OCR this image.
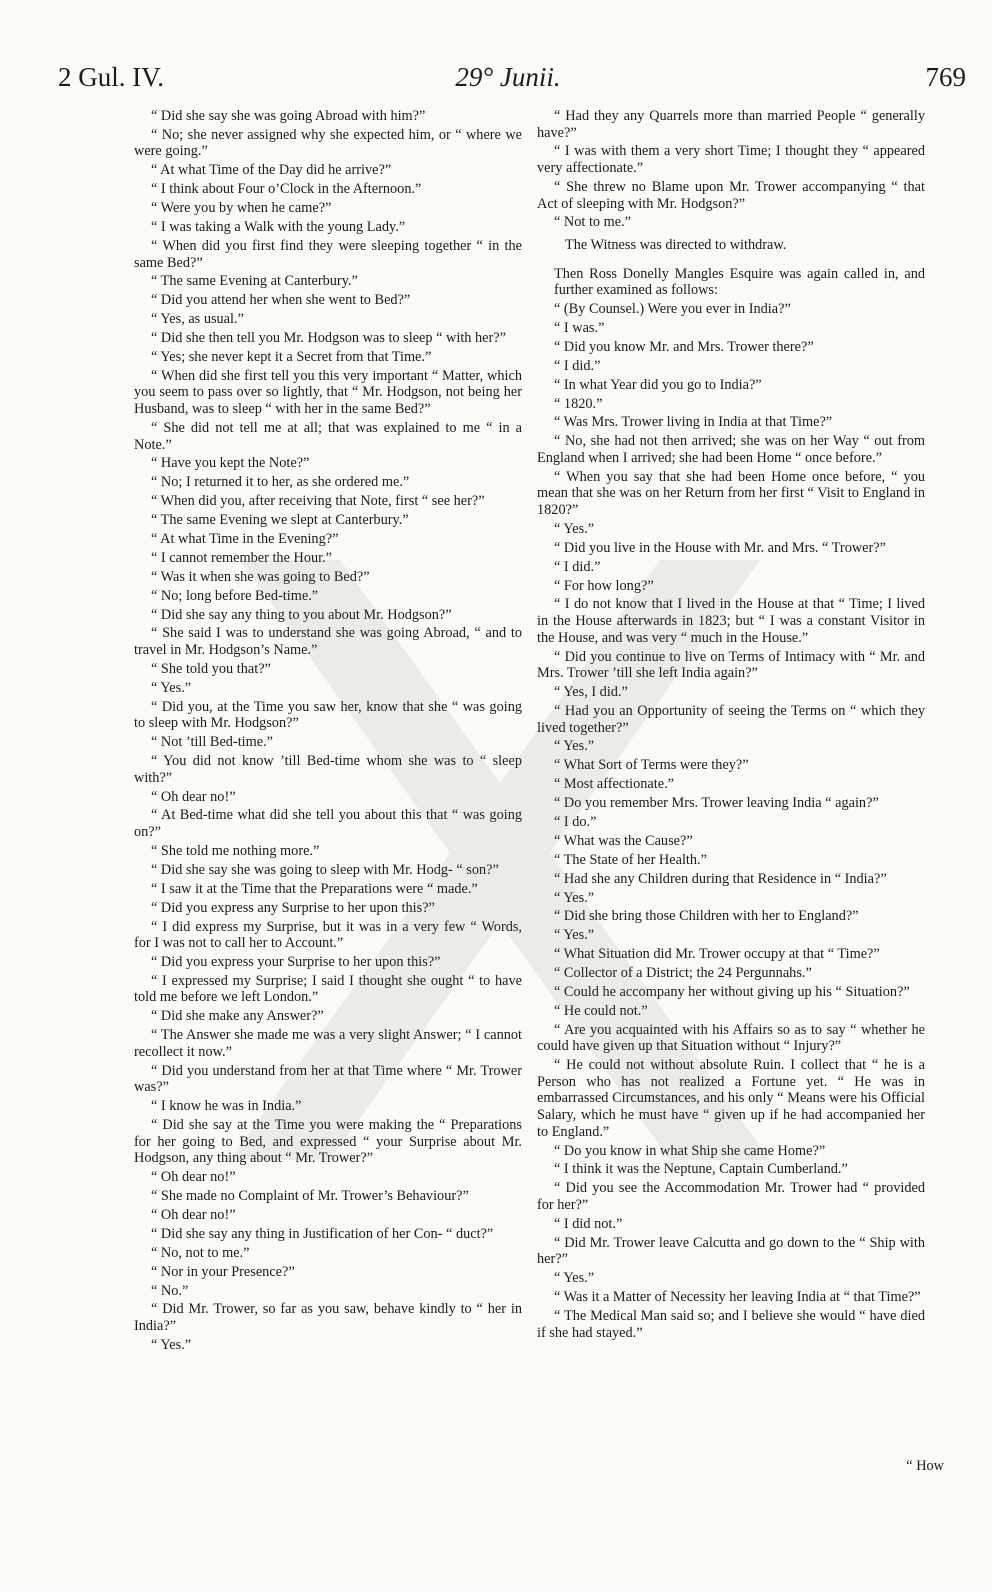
2 Gul. IV.	29° Junii.	769

“ Did she say she was going Abroad with him?”

“ No; she never assigned why she expected him, or “ where we were going.”

“ At what Time of the Day did he arrive?”

“ I think about Four o’Clock in the Afternoon.”

“ Were you by when he came?”

“ I was taking a Walk with the young Lady.”

“ When did you first find they were sleeping together “ in the same Bed?”

“ The same Evening at Canterbury.”

“ Did you attend her when she went to Bed?”

“ Yes, as usual.”

“ Did she then tell you Mr. Hodgson was to sleep “ with her?”

“ Yes; she never kept it a Secret from that Time.”

“ When did she first tell you this very important “ Matter, which you seem to pass over so lightly, that “ Mr. Hodgson, not being her Husband, was to sleep “ with her in the same Bed?”

“ She did not tell me at all; that was explained to me “ in a Note.”

“ Have you kept the Note?”

“ No; I returned it to her, as she ordered me.”

“ When did you, after receiving that Note, first “ see her?”

“ The same Evening we slept at Canterbury.”

“ At what Time in the Evening?”

“ I cannot remember the Hour.”

“ Was it when she was going to Bed?”

“ No; long before Bed-time.”

“ Did she say any thing to you about Mr. Hodgson?”

“ She said I was to understand she was going Abroad, “ and to travel in Mr. Hodgson’s Name.”

“ She told you that?”

“ Yes.”

“ Did you, at the Time you saw her, know that she “ was going to sleep with Mr. Hodgson?”

“ Not ’till Bed-time.”

“ You did not know ’till Bed-time whom she was to “ sleep with?”

“ Oh dear no!”

“ At Bed-time what did she tell you about this that “ was going on?”

“ She told me nothing more.”

“ Did she say she was going to sleep with Mr. Hodg- “ son?”

“ I saw it at the Time that the Preparations were “ made.”

“ Did you express any Surprise to her upon this?”

“ I did express my Surprise, but it was in a very few “ Words, for I was not to call her to Account.”

“ Did you express your Surprise to her upon this?”

“ I expressed my Surprise; I said I thought she ought “ to have told me before we left London.”

“ Did she make any Answer?”

“ The Answer she made me was a very slight Answer; “ I cannot recollect it now.”

“ Did you understand from her at that Time where “ Mr. Trower was?”

“ I know he was in India.”

“ Did she say at the Time you were making the “ Preparations for her going to Bed, and expressed “ your Surprise about Mr. Hodgson, any thing about “ Mr. Trower?”

“ Oh dear no!”

“ She made no Complaint of Mr. Trower’s Behaviour?”

“ Oh dear no!”

“ Did she say any thing in Justification of her Con- “ duct?”

“ No, not to me.”

“ Nor in your Presence?”

“ No.”

“ Did Mr. Trower, so far as you saw, behave kindly to “ her in India?”

“ Yes.”

“ Had they any Quarrels more than married People “ generally have?”

“ I was with them a very short Time; I thought they “ appeared very affectionate.”

“ She threw no Blame upon Mr. Trower accompanying “ that Act of sleeping with Mr. Hodgson?”

“ Not to me.”

The Witness was directed to withdraw.

Then Ross Donelly Mangles Esquire was again called in, and further examined as follows:

“ (By Counsel.) Were you ever in India?”

“ I was.”

“ Did you know Mr. and Mrs. Trower there?”

“ I did.”

“ In what Year did you go to India?”

“ 1820.”

“ Was Mrs. Trower living in India at that Time?”

“ No, she had not then arrived; she was on her Way “ out from England when I arrived; she had been Home “ once before.”

“ When you say that she had been Home once before, “ you mean that she was on her Return from her first “ Visit to England in 1820?”

“ Yes.”

“ Did you live in the House with Mr. and Mrs. “ Trower?”

“ I did.”

“ For how long?”

“ I do not know that I lived in the House at that “ Time; I lived in the House afterwards in 1823; but “ I was a constant Visitor in the House, and was very “ much in the House.”

“ Did you continue to live on Terms of Intimacy with “ Mr. and Mrs. Trower ’till she left India again?”

“ Yes, I did.”

“ Had you an Opportunity of seeing the Terms on “ which they lived together?”

“ Yes.”

“ What Sort of Terms were they?”

“ Most affectionate.”

“ Do you remember Mrs. Trower leaving India “ again?”

“ I do.”

“ What was the Cause?”

“ The State of her Health.”

“ Had she any Children during that Residence in “ India?”

“ Yes.”

“ Did she bring those Children with her to England?”

“ Yes.”

“ What Situation did Mr. Trower occupy at that “ Time?”

“ Collector of a District; the 24 Pergunnahs.”

“ Could he accompany her without giving up his “ Situation?”

“ He could not.”

“ Are you acquainted with his Affairs so as to say “ whether he could have given up that Situation without “ Injury?”

“ He could not without absolute Ruin. I collect that “ he is a Person who has not realized a Fortune yet. “ He was in embarrassed Circumstances, and his only “ Means were his Official Salary, which he must have “ given up if he had accompanied her to England.”

“ Do you know in what Ship she came Home?”

“ I think it was the Neptune, Captain Cumberland.”

“ Did you see the Accommodation Mr. Trower had “ provided for her?”

“ I did not.”

“ Did Mr. Trower leave Calcutta and go down to the “ Ship with her?”

“ Yes.”

“ Was it a Matter of Necessity her leaving India at “ that Time?”

“ The Medical Man said so; and I believe she would “ have died if she had stayed.”

“ How
